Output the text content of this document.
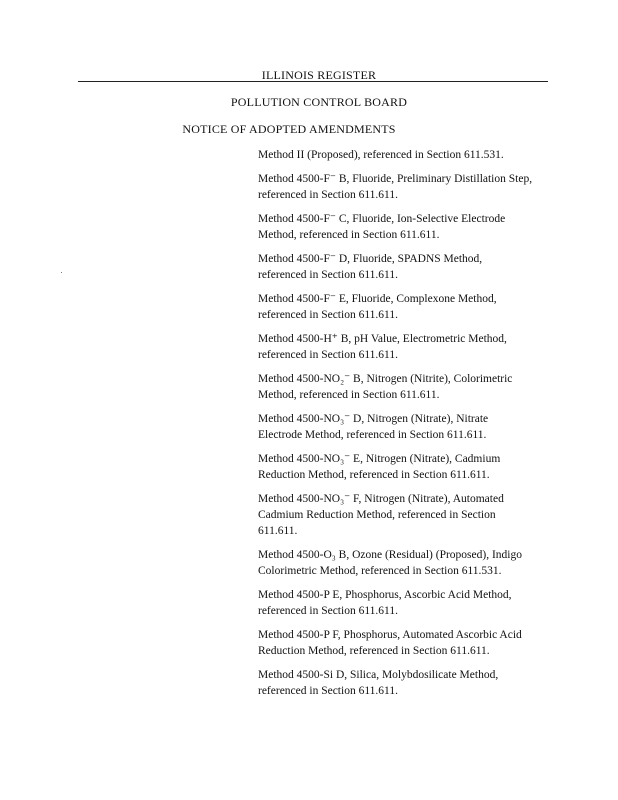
ILLINOIS REGISTER
POLLUTION CONTROL BOARD
NOTICE OF ADOPTED AMENDMENTS

Method II (Proposed), referenced in Section 611.531.

Method 4500-F⁻ B, Fluoride, Preliminary Distillation Step,
referenced in Section 611.611.

Method 4500-F⁻ C, Fluoride, Ion-Selective Electrode
Method, referenced in Section 611.611.

Method 4500-F⁻ D, Fluoride, SPADNS Method,
referenced in Section 611.611.

Method 4500-F⁻ E, Fluoride, Complexone Method,
referenced in Section 611.611.

Method 4500-H⁺ B, pH Value, Electrometric Method,
referenced in Section 611.611.

Method 4500-NO₂⁻ B, Nitrogen (Nitrite), Colorimetric
Method, referenced in Section 611.611.

Method 4500-NO₃⁻ D, Nitrogen (Nitrate), Nitrate
Electrode Method, referenced in Section 611.611.

Method 4500-NO₃⁻ E, Nitrogen (Nitrate), Cadmium
Reduction Method, referenced in Section 611.611.

Method 4500-NO₃⁻ F, Nitrogen (Nitrate), Automated
Cadmium Reduction Method, referenced in Section
611.611.

Method 4500-O₃ B, Ozone (Residual) (Proposed), Indigo
Colorimetric Method, referenced in Section 611.531.

Method 4500-P E, Phosphorus, Ascorbic Acid Method,
referenced in Section 611.611.

Method 4500-P F, Phosphorus, Automated Ascorbic Acid
Reduction Method, referenced in Section 611.611.

Method 4500-Si D, Silica, Molybdosilicate Method,
referenced in Section 611.611.
